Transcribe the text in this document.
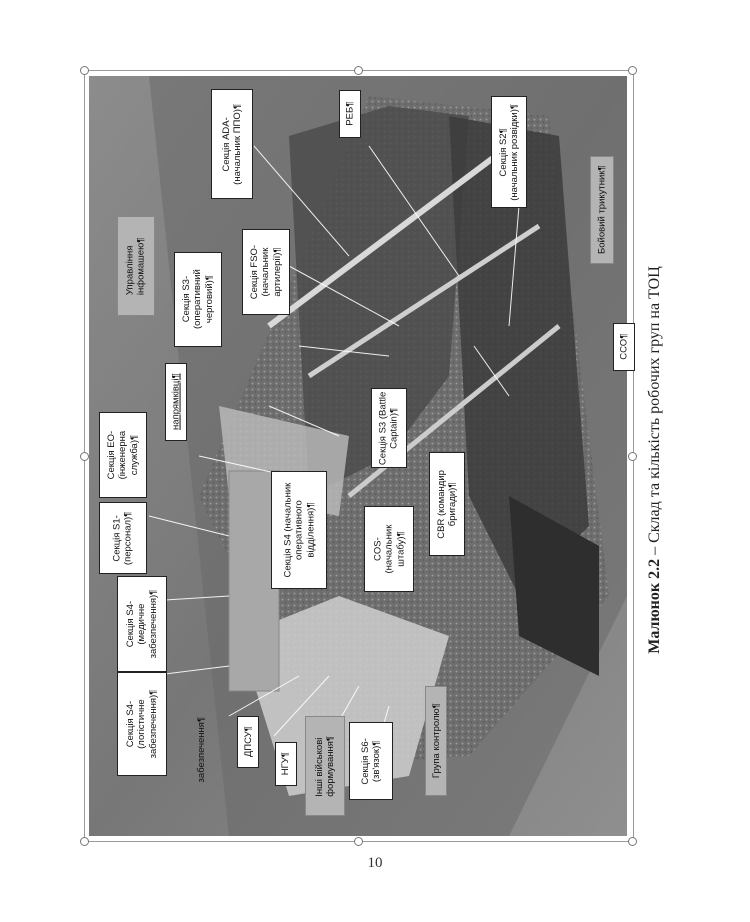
Секція ADA-
(начальник ППО)¶	РЕБ¶
Секція S2¶
(начальник розвідки)¶
Бойовий трикутник¶
Управління
інфомашею¶
Секція S3-
(оперативний
черговий)¶	Секція FSO-
(начальник
артилерії)¶
ССО¶
напрямківці¶
Секція EO-
(інженерна
служба)¶	Секція S3 (Battle
Captain)¶
Секція S1-
(персонал)¶	Секція S4 (начальник
оперативного
відділення)¶	CBR (командир
бригади)¶
COS-
(начальник
штабу)¶
Секція S4-
(медичне
забезпечення)¶
Секція S4-
(логістичне
забезпечення)¶	забезпечення¶	ДПСУ¶
НГУ¶
Інші військові
формування¶ Секція S6-
(зв'язок)¶	Група контролю¶
Малюнок 2.2 – Склад та кількість робочих груп на ТОЦ
10
